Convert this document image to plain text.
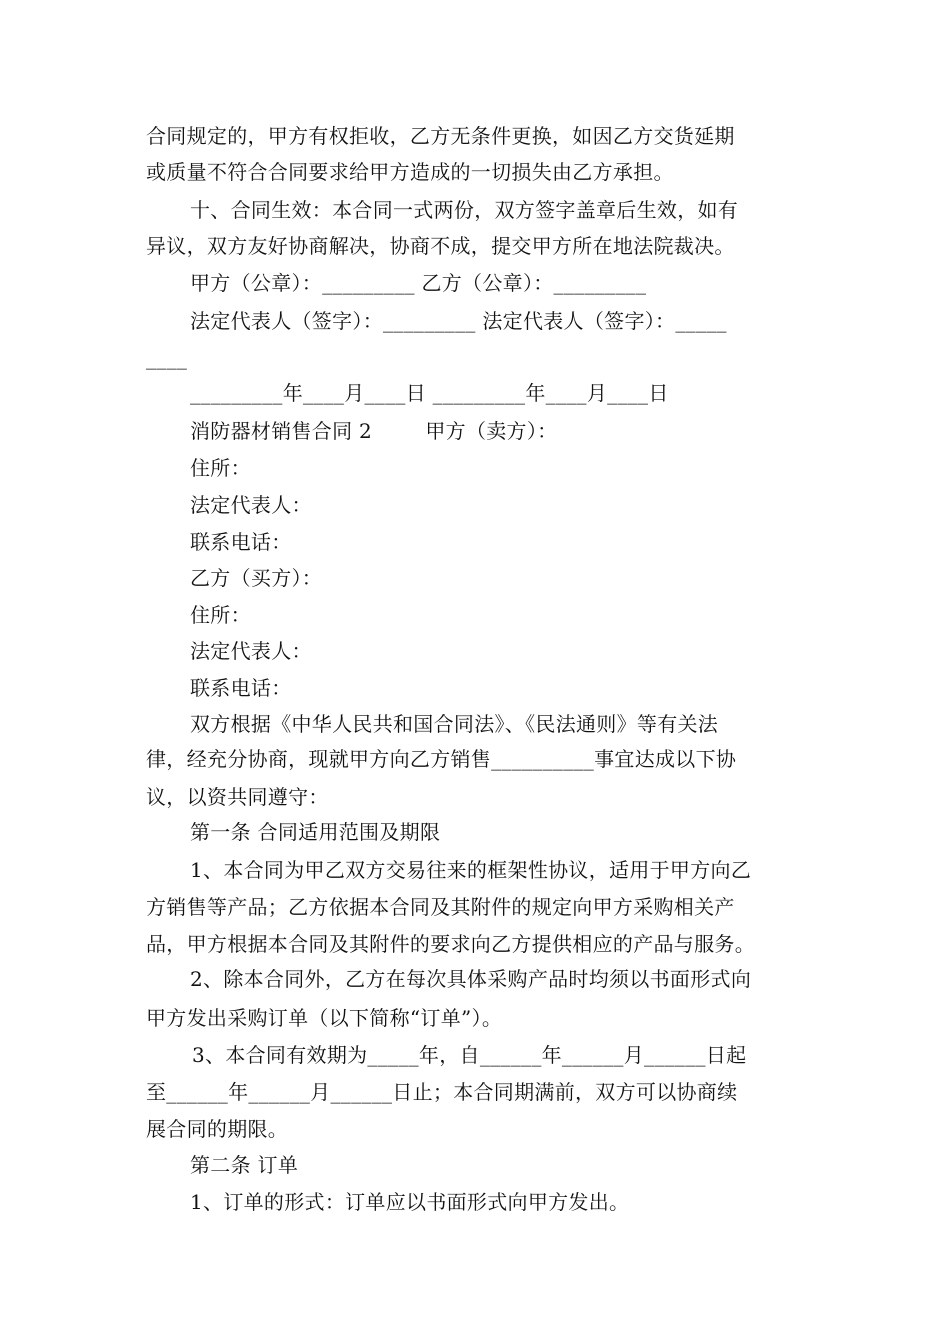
合同规定的，甲方有权拒收，乙方无条件更换，如因乙方交货延期
或质量不符合合同要求给甲方造成的一切损失由乙方承担。
十、合同生效：本合同一式两份，双方签字盖章后生效，如有
异议，双方友好协商解决，协商不成，提交甲方所在地法院裁决。
甲方（公章）：_________ 乙方（公章）：_________
法定代表人（签字）：_________ 法定代表人（签字）：_____
____
_________年____月____日 _________年____月____日
消防器材销售合同 2        甲方（卖方）：
住所：
法定代表人：
联系电话：
乙方（买方）：
住所：
法定代表人：
联系电话：
双方根据《中华人民共和国合同法》、《民法通则》等有关法
律，经充分协商，现就甲方向乙方销售__________事宜达成以下协
议，以资共同遵守：
第一条 合同适用范围及期限
1、本合同为甲乙双方交易往来的框架性协议，适用于甲方向乙
方销售等产品；乙方依据本合同及其附件的规定向甲方采购相关产
品，甲方根据本合同及其附件的要求向乙方提供相应的产品与服务。
2、除本合同外，乙方在每次具体采购产品时均须以书面形式向
甲方发出采购订单（以下简称“订单”）。
3、本合同有效期为_____年，自______年______月______日起
至______年______月______日止；本合同期满前，双方可以协商续
展合同的期限。
第二条 订单
1、订单的形式：订单应以书面形式向甲方发出。
